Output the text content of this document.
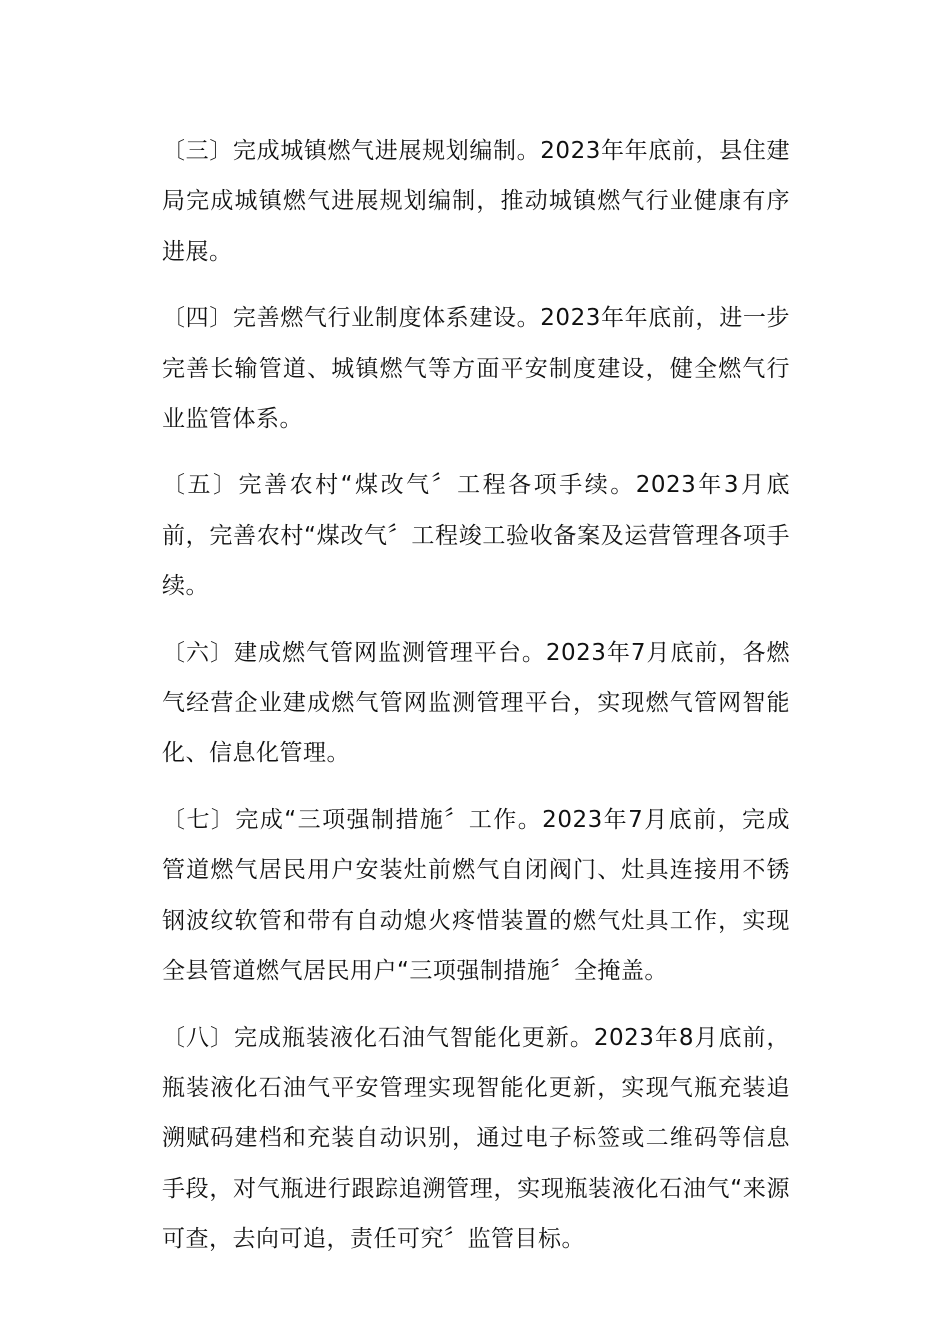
〔三〕完成城镇燃气进展规划编制。2023年年底前，县住建局完成城镇燃气进展规划编制，推动城镇燃气行业健康有序进展。

〔四〕完善燃气行业制度体系建设。2023年年底前，进一步完善长输管道、城镇燃气等方面平安制度建设，健全燃气行业监管体系。

〔五〕完善农村“煤改气〞工程各项手续。2023年3月底前，完善农村“煤改气〞工程竣工验收备案及运营管理各项手续。

〔六〕建成燃气管网监测管理平台。2023年7月底前，各燃气经营企业建成燃气管网监测管理平台，实现燃气管网智能化、信息化管理。

〔七〕完成“三项强制措施〞工作。2023年7月底前，完成管道燃气居民用户安装灶前燃气自闭阀门、灶具连接用不锈钢波纹软管和带有自动熄火疼惜装置的燃气灶具工作，实现全县管道燃气居民用户“三项强制措施〞全掩盖。

〔八〕完成瓶装液化石油气智能化更新。2023年8月底前，瓶装液化石油气平安管理实现智能化更新，实现气瓶充装追溯赋码建档和充装自动识别，通过电子标签或二维码等信息手段，对气瓶进行跟踪追溯管理，实现瓶装液化石油气“来源可查，去向可追，责任可究〞监管目标。
